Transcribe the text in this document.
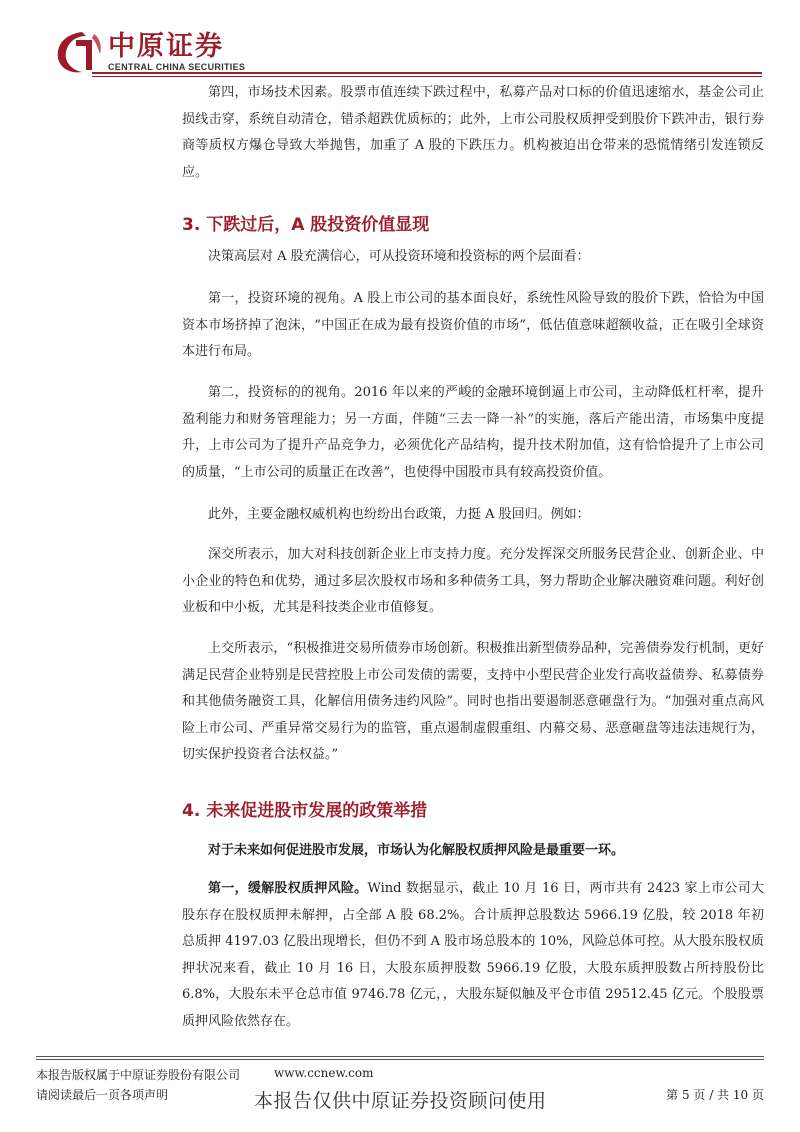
中原证券
CENTRAL CHINA SECURITIES
第四，市场技术因素。股票市值连续下跌过程中，私募产品对口标的价值迅速缩水，基金公司止损线击穿，系统自动清仓，错杀超跌优质标的；此外，上市公司股权质押受到股价下跌冲击，银行券商等质权方爆仓导致大举抛售，加重了 A 股的下跌压力。机构被迫出仓带来的恐慌情绪引发连锁反应。
3. 下跌过后，A 股投资价值显现
决策高层对 A 股充满信心，可从投资环境和投资标的两个层面看：
第一，投资环境的视角。A 股上市公司的基本面良好，系统性风险导致的股价下跌，恰恰为中国资本市场挤掉了泡沫，“中国正在成为最有投资价值的市场”，低估值意味超额收益，正在吸引全球资本进行布局。
第二，投资标的的视角。2016 年以来的严峻的金融环境倒逼上市公司，主动降低杠杆率，提升盈利能力和财务管理能力；另一方面，伴随“三去一降一补”的实施，落后产能出清，市场集中度提升，上市公司为了提升产品竞争力，必须优化产品结构，提升技术附加值，这有恰恰提升了上市公司的质量，“上市公司的质量正在改善”，也使得中国股市具有较高投资价值。
此外，主要金融权威机构也纷纷出台政策，力挺 A 股回归。例如：
深交所表示，加大对科技创新企业上市支持力度。充分发挥深交所服务民营企业、创新企业、中小企业的特色和优势，通过多层次股权市场和多种债务工具，努力帮助企业解决融资难问题。利好创业板和中小板，尤其是科技类企业市值修复。
上交所表示，“积极推进交易所债券市场创新。积极推出新型债券品种，完善债券发行机制，更好满足民营企业特别是民营控股上市公司发债的需要，支持中小型民营企业发行高收益债券、私募债券和其他债务融资工具，化解信用债务违约风险”。同时也指出要遏制恶意砸盘行为。“加强对重点高风险上市公司、严重异常交易行为的监管，重点遏制虚假重组、内幕交易、恶意砸盘等违法违规行为，切实保护投资者合法权益。”
4. 未来促进股市发展的政策举措
对于未来如何促进股市发展，市场认为化解股权质押风险是最重要一环。
第一，缓解股权质押风险。Wind 数据显示，截止 10 月 16 日，两市共有 2423 家上市公司大股东存在股权质押未解押，占全部 A 股 68.2%。合计质押总股数达 5966.19 亿股，较 2018 年初总质押 4197.03 亿股出现增长，但仍不到 A 股市场总股本的 10%，风险总体可控。从大股东股权质押状况来看，截止 10 月 16 日，大股东质押股数 5966.19 亿股，大股东质押股数占所持股份比 6.8%，大股东未平仓总市值 9746.78 亿元，，大股东疑似触及平仓市值 29512.45 亿元。个股股票质押风险依然存在。
本报告版权属于中原证券股份有限公司	www.ccnew.com
请阅读最后一页各项声明	本报告仅供中原证券投资顾问使用	第 5 页 / 共 10 页
